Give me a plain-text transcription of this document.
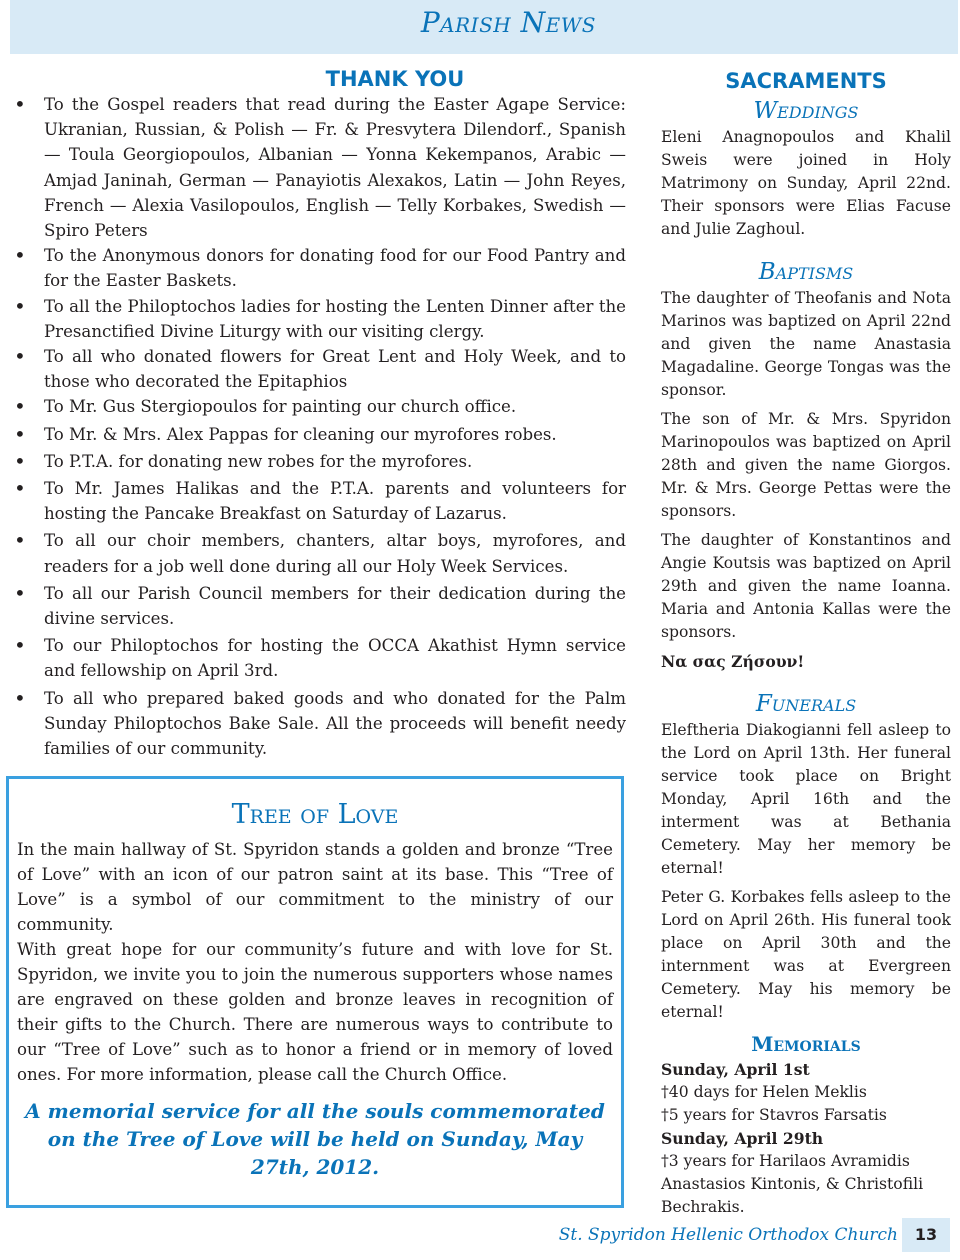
Parish News
THANK YOU
• To the Gospel readers that read during the Easter Agape Service: Ukranian, Russian, & Polish — Fr. & Presvytera Dilendorf., Spanish — Toula Georgiopoulos, Albanian — Yonna Kekempanos, Arabic — Amjad Janinah, German — Panayiotis Alexakos, Latin — John Reyes, French — Alexia Vasilopoulos, English — Telly Korbakes, Swedish — Spiro Peters
• To the Anonymous donors for donating food for our Food Pantry and for the Easter Baskets.
• To all the Philoptochos ladies for hosting the Lenten Dinner after the Presanctified Divine Liturgy with our visiting clergy.
• To all who donated flowers for Great Lent and Holy Week, and to those who decorated the Epitaphios
• To Mr. Gus Stergiopoulos for painting our church office.
• To Mr. & Mrs. Alex Pappas for cleaning our myrofores robes.
• To P.T.A. for donating new robes for the myrofores.
• To Mr. James Halikas and the P.T.A. parents and volunteers for hosting the Pancake Breakfast on Saturday of Lazarus.
• To all our choir members, chanters, altar boys, myrofores, and readers for a job well done during all our Holy Week Services.
• To all our Parish Council members for their dedication during the divine services.
• To our Philoptochos for hosting the OCCA Akathist Hymn service and fellowship on April 3rd.
• To all who prepared baked goods and who donated for the Palm Sunday Philoptochos Bake Sale. All the proceeds will benefit needy families of our community.
Tree of Love

In the main hallway of St. Spyridon stands a golden and bronze “Tree of Love” with an icon of our patron saint at its base. This “Tree of Love” is a symbol of our commitment to the ministry of our community.

With great hope for our community’s future and with love for St. Spyridon, we invite you to join the numerous supporters whose names are engraved on these golden and bronze leaves in recognition of their gifts to the Church. There are numerous ways to contribute to our “Tree of Love” such as to honor a friend or in memory of loved ones. For more information, please call the Church Office.

A memorial service for all the souls commemorated on the Tree of Love will be held on Sunday, May 27th, 2012.
SACRAMENTS
Weddings

Eleni Anagnopoulos and Khalil Sweis were joined in Holy Matrimony on Sunday, April 22nd. Their sponsors were Elias Facuse and Julie Zaghoul.

Baptisms

The daughter of Theofanis and Nota Marinos was baptized on April 22nd and given the name Anastasia Magadaline. George Tongas was the sponsor.

The son of Mr. & Mrs. Spyridon Marinopoulos was baptized on April 28th and given the name Giorgos. Mr. & Mrs. George Pettas were the sponsors.

The daughter of Konstantinos and Angie Koutsis was baptized on April 29th and given the name Ioanna. Maria and Antonia Kallas were the sponsors.

Να σας Ζήσουν!

Funerals

Eleftheria Diakogianni fell asleep to the Lord on April 13th. Her funeral service took place on Bright Monday, April 16th and the interment was at Bethania Cemetery. May her memory be eternal!

Peter G. Korbakes fells asleep to the Lord on April 26th. His funeral took place on April 30th and the internment was at Evergreen Cemetery. May his memory be eternal!

Memorials
Sunday, April 1st
†40 days for Helen Meklis
†5 years for Stavros Farsatis
Sunday, April 29th
†3 years for Harilaos Avramidis Anastasios Kintonis, & Christofili Bechrakis.
St. Spyridon Hellenic Orthodox Church	13
